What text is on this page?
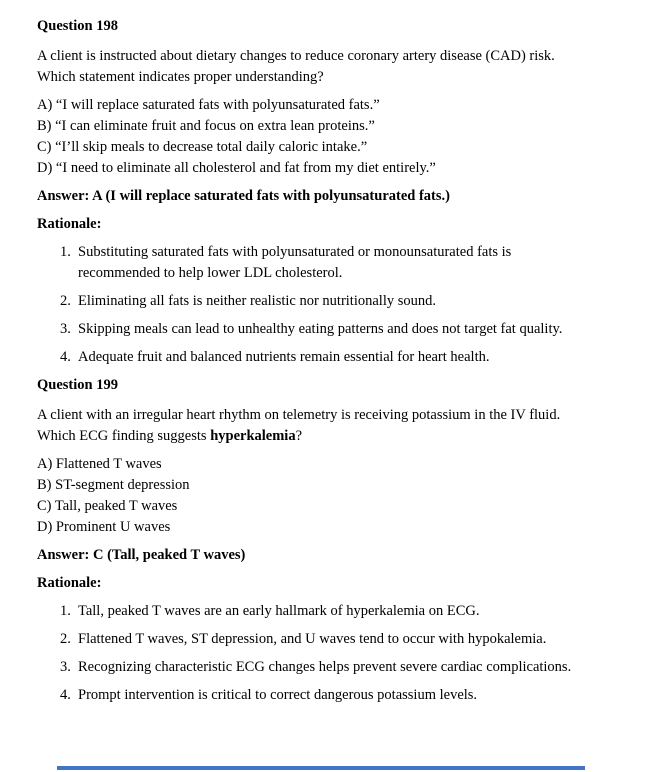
Question 198

A client is instructed about dietary changes to reduce coronary artery disease (CAD) risk. Which statement indicates proper understanding?

A) “I will replace saturated fats with polyunsaturated fats.”
B) “I can eliminate fruit and focus on extra lean proteins.”
C) “I’ll skip meals to decrease total daily caloric intake.”
D) “I need to eliminate all cholesterol and fat from my diet entirely.”
Answer: A (I will replace saturated fats with polyunsaturated fats.)
Rationale:
1. Substituting saturated fats with polyunsaturated or monounsaturated fats is recommended to help lower LDL cholesterol.
2. Eliminating all fats is neither realistic nor nutritionally sound.
3. Skipping meals can lead to unhealthy eating patterns and does not target fat quality.
4. Adequate fruit and balanced nutrients remain essential for heart health.
Question 199

A client with an irregular heart rhythm on telemetry is receiving potassium in the IV fluid. Which ECG finding suggests hyperkalemia?

A) Flattened T waves
B) ST-segment depression
C) Tall, peaked T waves
D) Prominent U waves
Answer: C (Tall, peaked T waves)
Rationale:
1. Tall, peaked T waves are an early hallmark of hyperkalemia on ECG.
2. Flattened T waves, ST depression, and U waves tend to occur with hypokalemia.
3. Recognizing characteristic ECG changes helps prevent severe cardiac complications.
4. Prompt intervention is critical to correct dangerous potassium levels.
